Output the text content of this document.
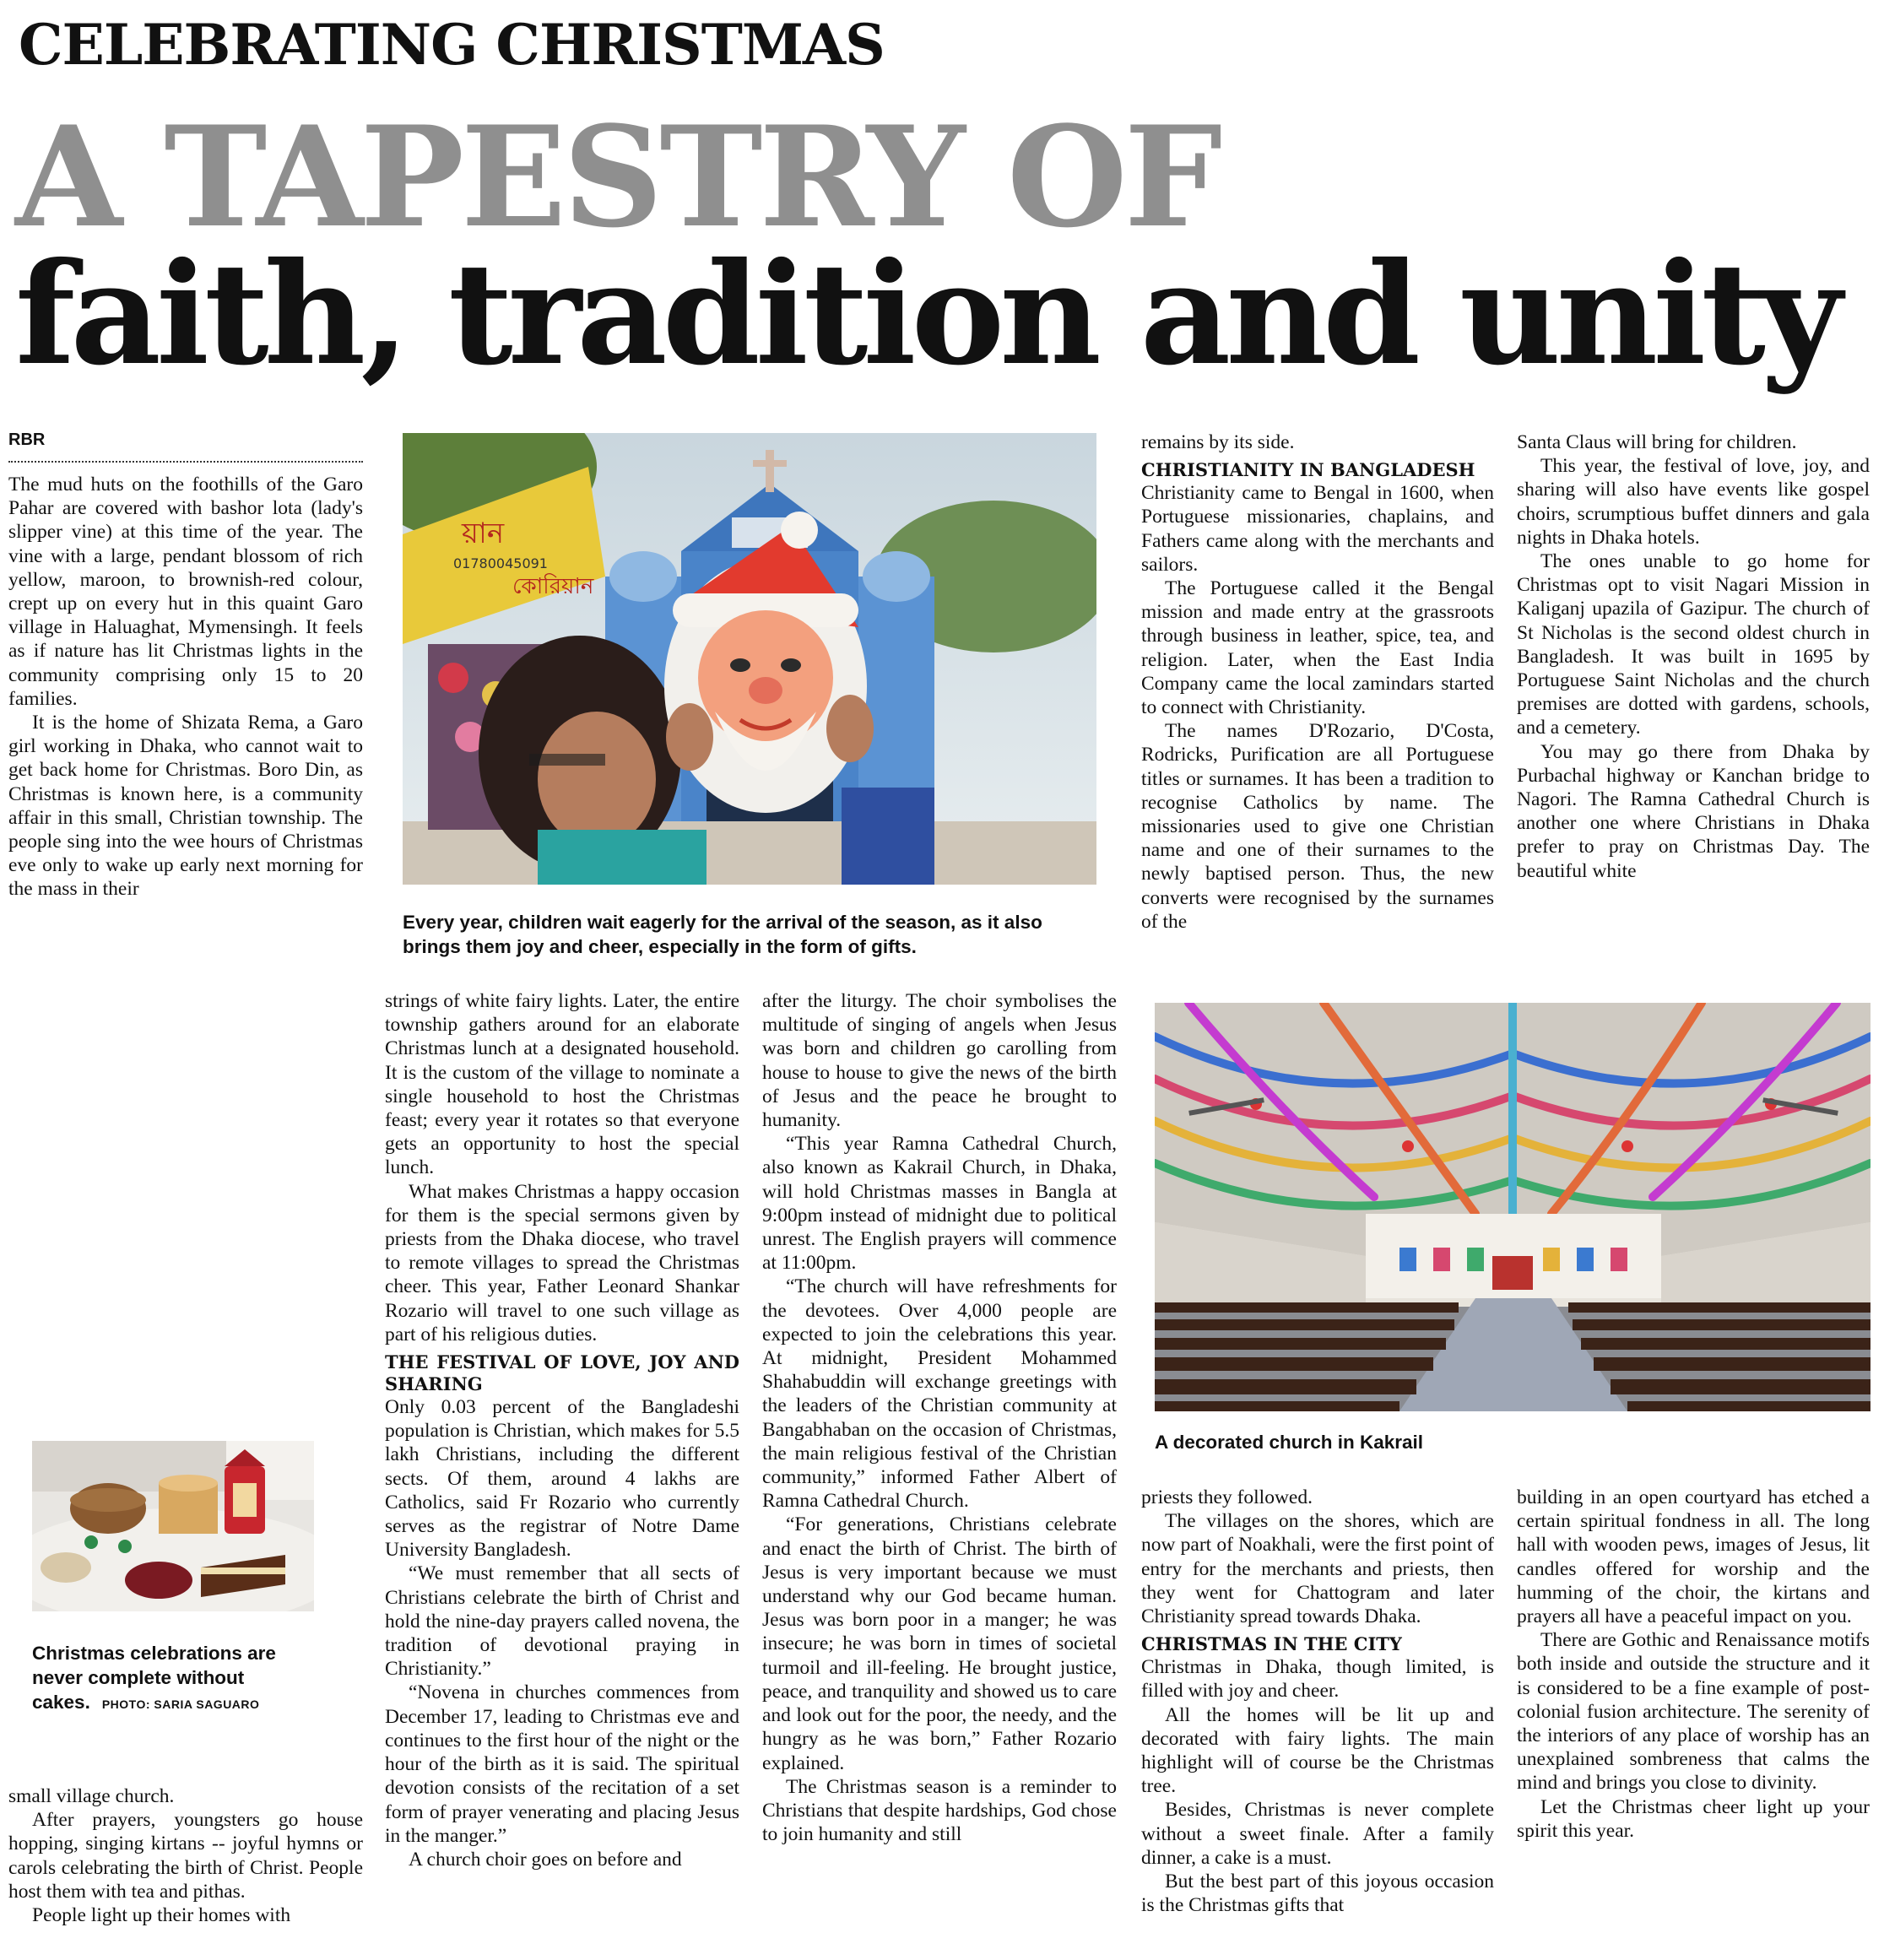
CELEBRATING CHRISTMAS
A TAPESTRY OF
faith, tradition and unity
RBR

The mud huts on the foothills of the Garo Pahar are covered with bashor lota (lady's slipper vine) at this time of the year. The vine with a large, pendant blossom of rich yellow, maroon, to brownish-red colour, crept up on every hut in this quaint Garo village in Haluaghat, Mymensingh. It feels as if nature has lit Christmas lights in the community comprising only 15 to 20 families.

It is the home of Shizata Rema, a Garo girl working in Dhaka, who cannot wait to get back home for Christmas. Boro Din, as Christmas is known here, is a community affair in this small, Christian township. The people sing into the wee hours of Christmas eve only to wake up early next morning for the mass in their

য়ান
কোরিয়ান
01780045091
Every year, children wait eagerly for the arrival of the season, as it also brings them joy and cheer, especially in the form of gifts.

remains by its side.

CHRISTIANITY IN BANGLADESH

Christianity came to Bengal in 1600, when Portuguese missionaries, chaplains, and Fathers came along with the merchants and sailors.

The Portuguese called it the Bengal mission and made entry at the grassroots through business in leather, spice, tea, and religion. Later, when the East India Company came the local zamindars started to connect with Christianity.

The names D'Rozario, D'Costa, Rodricks, Purification are all Portuguese titles or surnames. It has been a tradition to recognise Catholics by name. The missionaries used to give one Christian name and one of their surnames to the newly baptised person. Thus, the new converts were recognised by the surnames of the

Santa Claus will bring for children.

This year, the festival of love, joy, and sharing will also have events like gospel choirs, scrumptious buffet dinners and gala nights in Dhaka hotels.

The ones unable to go home for Christmas opt to visit Nagari Mission in Kaliganj upazila of Gazipur. The church of St Nicholas is the second oldest church in Bangladesh. It was built in 1695 by Portuguese Saint Nicholas and the church premises are dotted with gardens, schools, and a cemetery.

You may go there from Dhaka by Purbachal highway or Kanchan bridge to Nagori. The Ramna Cathedral Church is another one where Christians in Dhaka prefer to pray on Christmas Day. The beautiful white

strings of white fairy lights. Later, the entire township gathers around for an elaborate Christmas lunch at a designated household. It is the custom of the village to nominate a single household to host the Christmas feast; every year it rotates so that everyone gets an opportunity to host the special lunch.

What makes Christmas a happy occasion for them is the special sermons given by priests from the Dhaka diocese, who travel to remote villages to spread the Christmas cheer. This year, Father Leonard Shankar Rozario will travel to one such village as part of his religious duties.

THE FESTIVAL OF LOVE, JOY AND SHARING

Only 0.03 percent of the Bangladeshi population is Christian, which makes for 5.5 lakh Christians, including the different sects. Of them, around 4 lakhs are Catholics, said Fr Rozario who currently serves as the registrar of Notre Dame University Bangladesh.

“We must remember that all sects of Christians celebrate the birth of Christ and hold the nine-day prayers called novena, the tradition of devotional praying in Christianity.”

“Novena in churches commences from December 17, leading to Christmas eve and continues to the first hour of the night or the hour of the birth as it is said. The spiritual devotion consists of the recitation of a set form of prayer venerating and placing Jesus in the manger.”

A church choir goes on before and

after the liturgy. The choir symbolises the multitude of singing of angels when Jesus was born and children go carolling from house to house to give the news of the birth of Jesus and the peace he brought to humanity.

“This year Ramna Cathedral Church, also known as Kakrail Church, in Dhaka, will hold Christmas masses in Bangla at 9:00pm instead of midnight due to political unrest. The English prayers will commence at 11:00pm.

“The church will have refreshments for the devotees. Over 4,000 people are expected to join the celebrations this year. At midnight, President Mohammed Shahabuddin will exchange greetings with the leaders of the Christian community at Bangabhaban on the occasion of Christmas, the main religious festival of the Christian community,” informed Father Albert of Ramna Cathedral Church.

“For generations, Christians celebrate and enact the birth of Christ. The birth of Jesus is very important because we must understand why our God became human. Jesus was born poor in a manger; he was insecure; he was born in times of societal turmoil and ill-feeling. He brought justice, peace, and tranquility and showed us to care and look out for the poor, the needy, and the hungry as he was born,” Father Rozario explained.

The Christmas season is a reminder to Christians that despite hardships, God chose to join humanity and still

A decorated church in Kakrail

priests they followed.

The villages on the shores, which are now part of Noakhali, were the first point of entry for the merchants and priests, then they went for Chattogram and later Christianity spread towards Dhaka.

CHRISTMAS IN THE CITY

Christmas in Dhaka, though limited, is filled with joy and cheer.

All the homes will be lit up and decorated with fairy lights. The main highlight will of course be the Christmas tree.

Besides, Christmas is never complete without a sweet finale. After a family dinner, a cake is a must.

But the best part of this joyous occasion is the Christmas gifts that

building in an open courtyard has etched a certain spiritual fondness in all. The long hall with wooden pews, images of Jesus, lit candles offered for worship and the humming of the choir, the kirtans and prayers all have a peaceful impact on you.

There are Gothic and Renaissance motifs both inside and outside the structure and it is considered to be a fine example of post-colonial fusion architecture. The serenity of the interiors of any place of worship has an unexplained sombreness that calms the mind and brings you close to divinity.

Let the Christmas cheer light up your spirit this year.

Christmas celebrations are never complete without cakes. PHOTO: SARIA SAGUARO

small village church.

After prayers, youngsters go house hopping, singing kirtans -- joyful hymns or carols celebrating the birth of Christ. People host them with tea and pithas.

People light up their homes with
